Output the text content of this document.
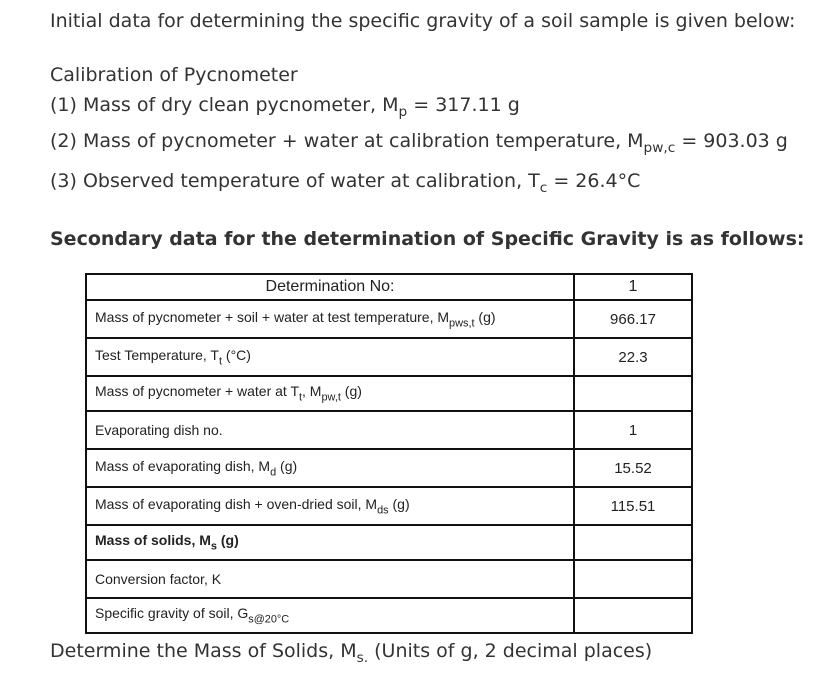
Initial data for determining the specific gravity of a soil sample is given below:
Calibration of Pycnometer
(1) Mass of dry clean pycnometer, $M_p = 317.11$ g
(2) Mass of pycnometer + water at calibration temperature, $M_{pw,c} = 903.03$ g
(3) Observed temperature of water at calibration, $T_c = 26.4^\circ C$
Secondary data for the determination of Specific Gravity is as follows:
Determination No:	1
Mass of pycnometer + soil + water at test temperature, $M_{pws,t}$ (g)	966.17
Test Temperature, $T_t$ (°C)	22.3
Mass of pycnometer + water at $T_t$, $M_{pw,t}$ (g)	
Evaporating dish no.	1
Mass of evaporating dish, $M_d$ (g)	15.52
Mass of evaporating dish + oven-dried soil, $M_{ds}$ (g)	115.51
Mass of solids, $M_s$ (g)	
Conversion factor, K	
Specific gravity of soil, $G_{s@20^\circ C}$	
Determine the Mass of Solids, $M_{s.}$ (Units of g, 2 decimal places)
